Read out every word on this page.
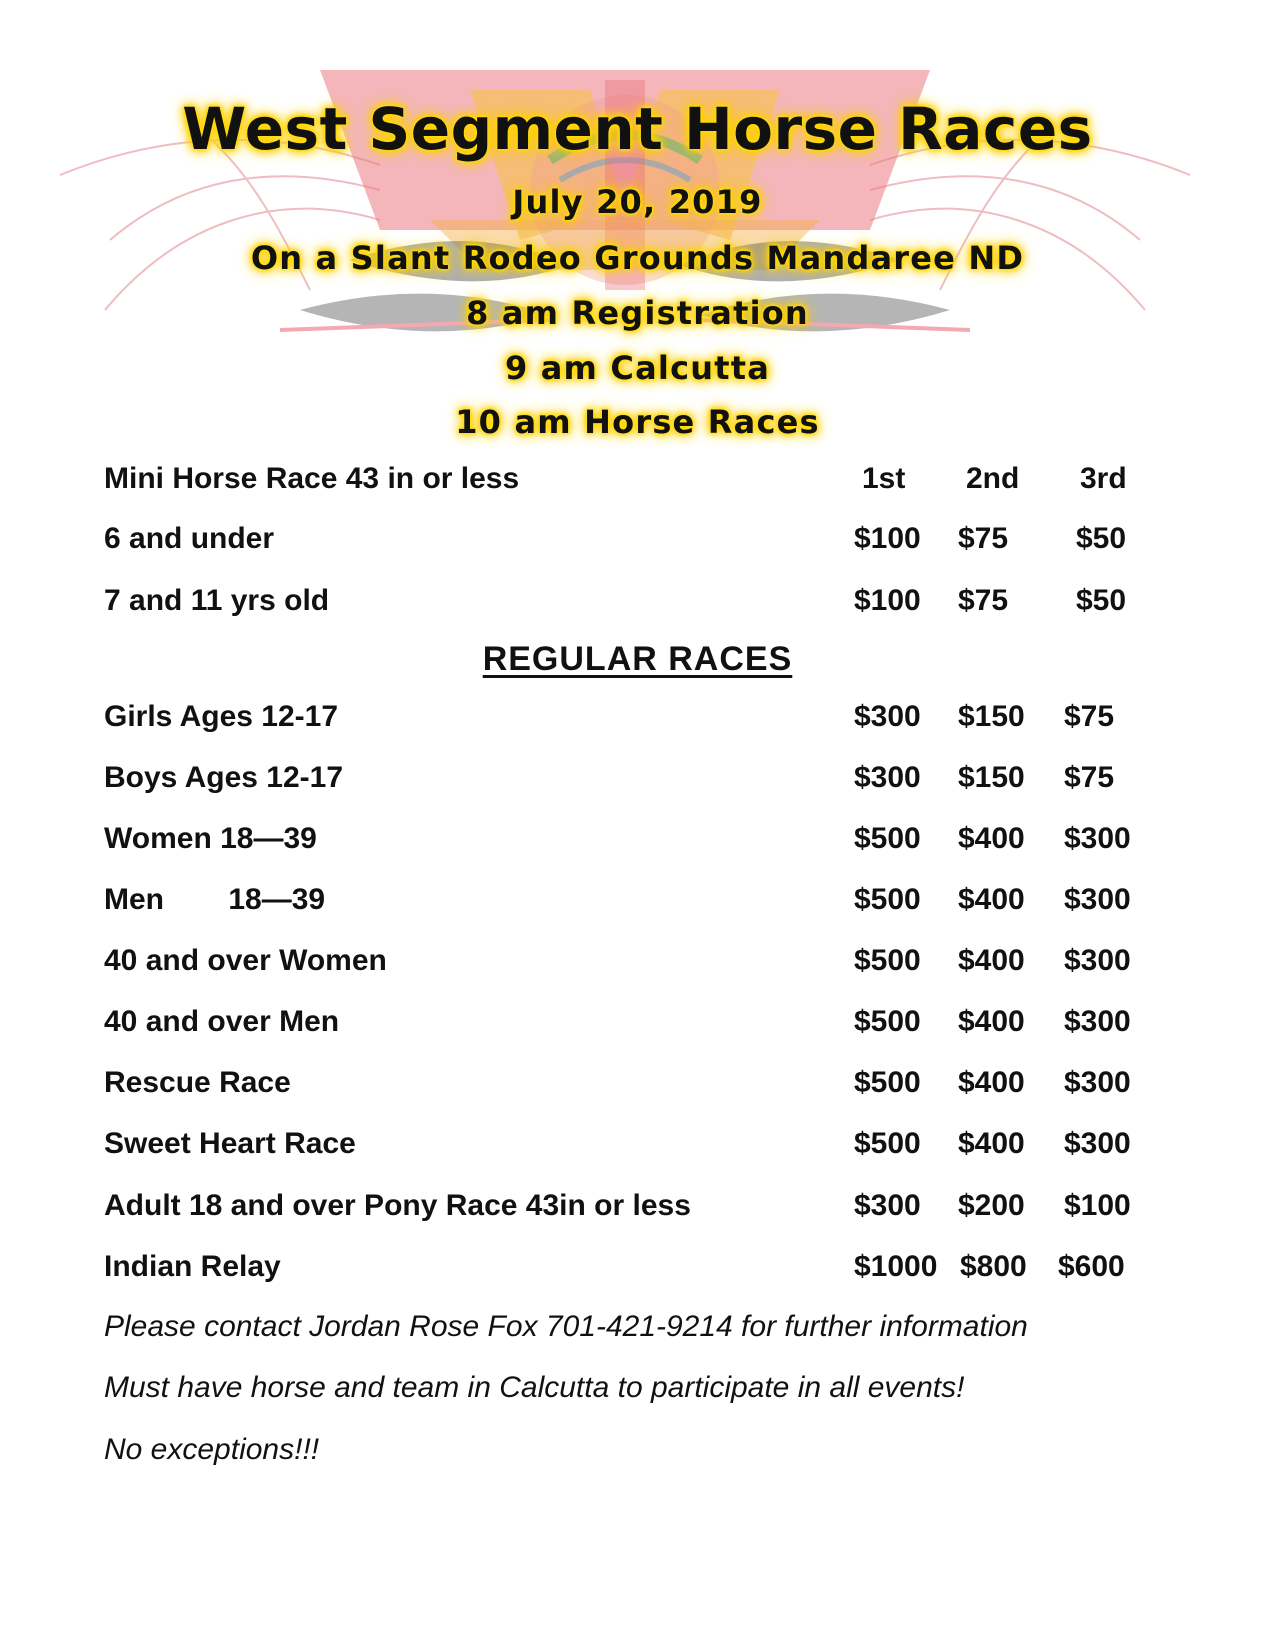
West Segment Horse Races
July 20, 2019
On a Slant Rodeo Grounds Mandaree ND
8 am Registration
9 am Calcutta
10 am Horse Races
Mini Horse Race 43 in or less	1st 2nd 3rd
6 and under	$100 $75 $50
7 and 11 yrs old	$100 $75 $50
REGULAR RACES
Girls Ages 12-17	$300 $150 $75
Boys Ages 12-17	$300 $150 $75
Women 18—39	$500 $400 $300
Men 18—39	$500 $400 $300
40 and over Women	$500 $400 $300
40 and over Men	$500 $400 $300
Rescue Race	$500 $400 $300
Sweet Heart Race	$500 $400 $300
Adult 18 and over Pony Race 43in or less	$300 $200 $100
Indian Relay	$1000 $800 $600
Please contact Jordan Rose Fox 701-421-9214 for further information
Must have horse and team in Calcutta to participate in all events!
No exceptions!!!
